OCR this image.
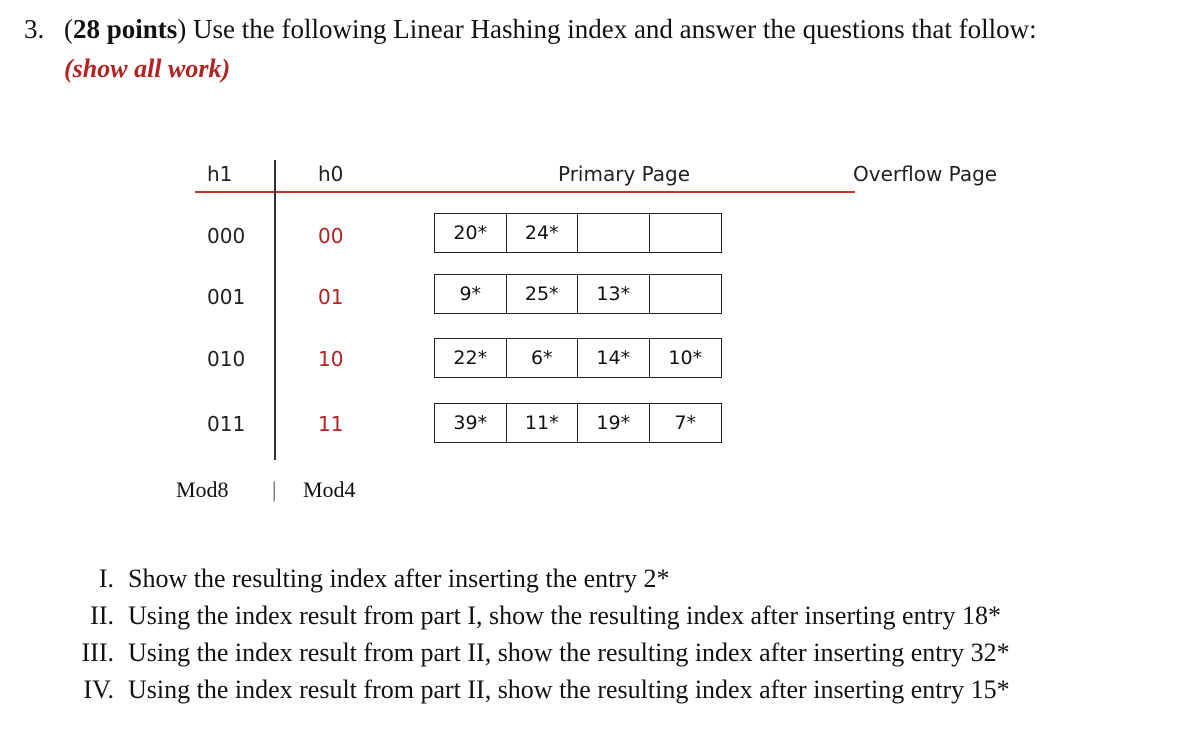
3. (28 points) Use the following Linear Hashing index and answer the questions that follow:
(show all work)
h1	h0	Primary Page	Overflow Page
000	00	20*	24*
001	01	9*	25*	13*
010	10	22*	6*	14*	10*
011	11	39*	11*	19*	7*
Mod8 | Mod4
I. Show the resulting index after inserting the entry 2*
II. Using the index result from part I, show the resulting index after inserting entry 18*
III. Using the index result from part II, show the resulting index after inserting entry 32*
IV. Using the index result from part II, show the resulting index after inserting entry 15*
